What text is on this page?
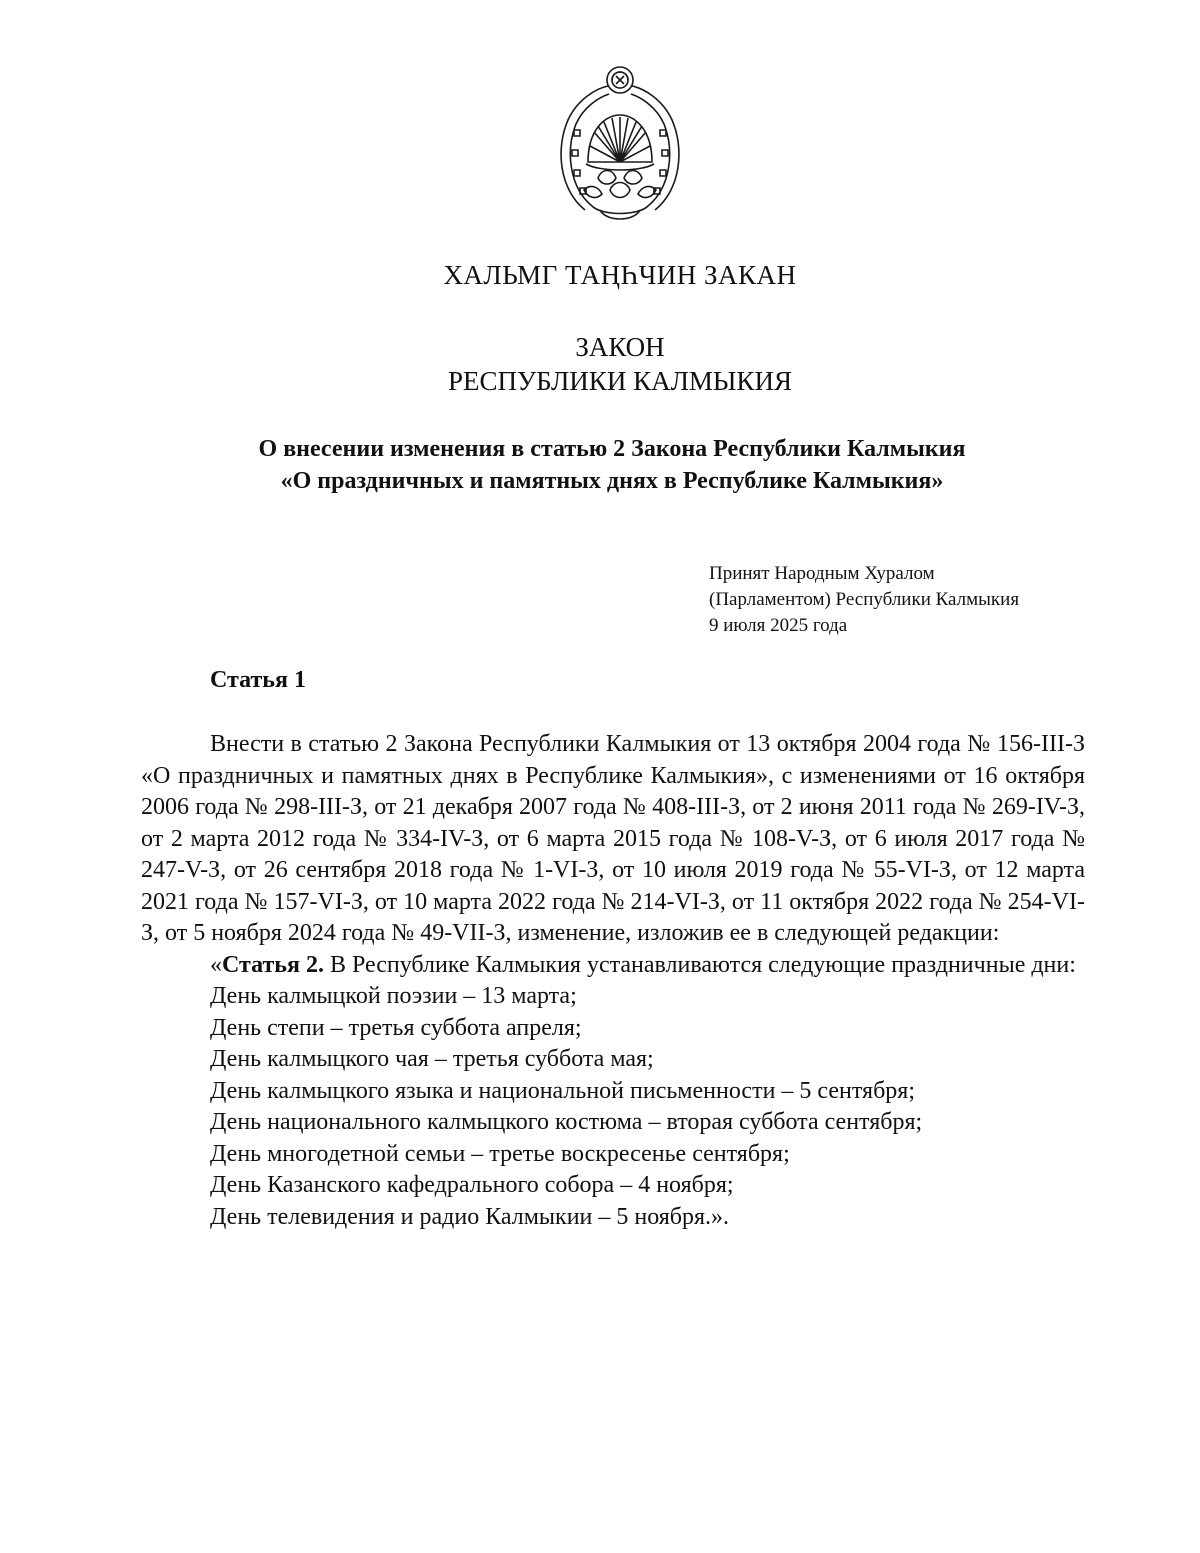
ХАЛЬМГ ТАҢҺЧИН ЗАКАН
ЗАКОН
РЕСПУБЛИКИ КАЛМЫКИЯ
О внесении изменения в статью 2 Закона Республики Калмыкия
«О праздничных и памятных днях в Республике Калмыкия»
Принят Народным Хуралом
(Парламентом) Республики Калмыкия
9 июля 2025 года
Статья 1

Внести в статью 2 Закона Республики Калмыкия от 13 октября 2004 года № 156-III-З «О праздничных и памятных днях в Республике Калмыкия», с изменениями от 16 октября 2006 года № 298-III-З, от 21 декабря 2007 года № 408-III-З, от 2 июня 2011 года № 269-IV-З, от 2 марта 2012 года № 334-IV-З, от 6 марта 2015 года № 108-V-З, от 6 июля 2017 года № 247-V-З, от 26 сентября 2018 года № 1-VI-З, от 10 июля 2019 года № 55-VI-З, от 12 марта 2021 года № 157-VI-З, от 10 марта 2022 года № 214-VI-З, от 11 октября 2022 года № 254-VI-З, от 5 ноября 2024 года № 49-VII-З, изменение, изложив ее в следующей редакции:

«Статья 2. В Республике Калмыкия устанавливаются следующие праздничные дни:

День калмыцкой поэзии – 13 марта;

День степи – третья суббота апреля;

День калмыцкого чая – третья суббота мая;

День калмыцкого языка и национальной письменности – 5 сентября;

День национального калмыцкого костюма – вторая суббота сентября;

День многодетной семьи – третье воскресенье сентября;

День Казанского кафедрального собора – 4 ноября;

День телевидения и радио Калмыкии – 5 ноября.».
